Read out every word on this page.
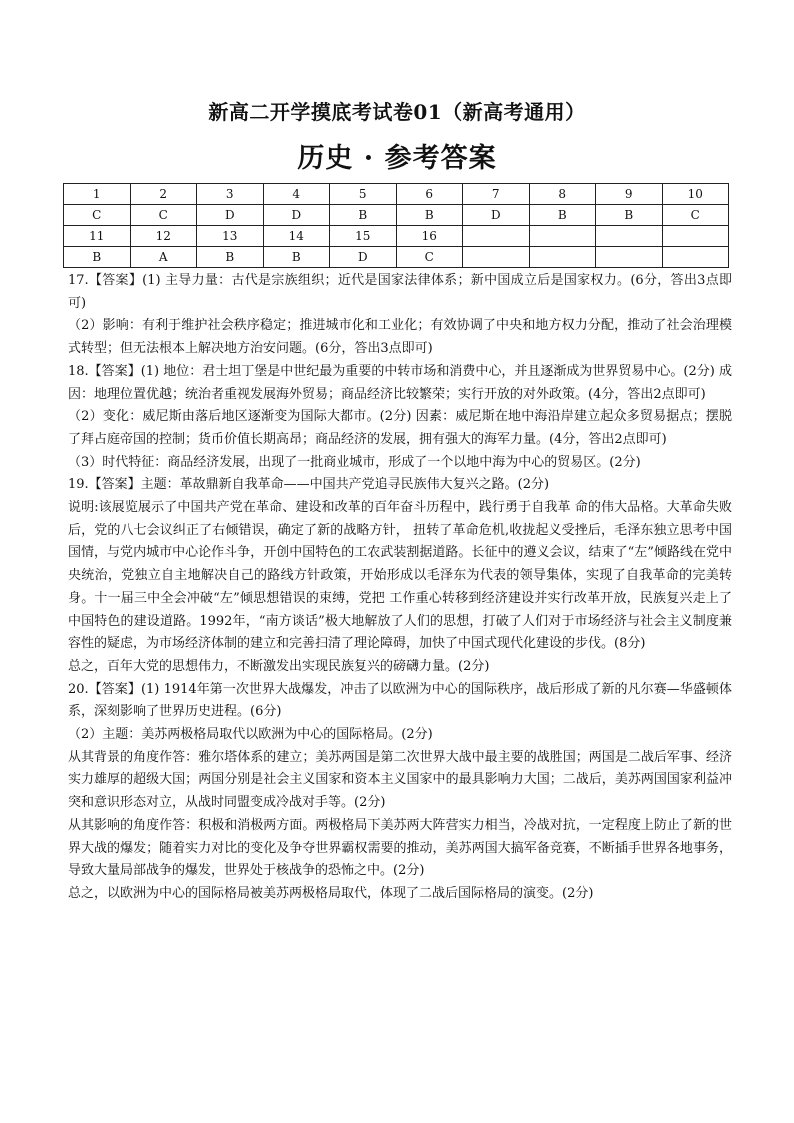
新高二开学摸底考试卷01（新高考通用）
历史 · 参考答案
1	2	3	4	5	6	7	8	9	10
C	C	D	D	B	B	D	B	B	C
11	12	13	14	15	16				
B	A	B	B	D	C				

17.【答案】(1) 主导力量：古代是宗族组织；近代是国家法律体系；新中国成立后是国家权力。(6分，答出3点即可)

（2）影响：有利于维护社会秩序稳定；推进城市化和工业化；有效协调了中央和地方权力分配，推动了社会治理模式转型；但无法根本上解决地方治安问题。(6分，答出3点即可)

18.【答案】(1) 地位：君士坦丁堡是中世纪最为重要的中转市场和消费中心，并且逐渐成为世界贸易中心。(2分) 成因：地理位置优越；统治者重视发展海外贸易；商品经济比较繁荣；实行开放的对外政策。(4分，答出2点即可)

（2）变化：威尼斯由落后地区逐渐变为国际大都市。(2分) 因素：威尼斯在地中海沿岸建立起众多贸易据点；摆脱了拜占庭帝国的控制；货币价值长期高昂；商品经济的发展，拥有强大的海军力量。(4分，答出2点即可)

（3）时代特征：商品经济发展，出现了一批商业城市，形成了一个以地中海为中心的贸易区。(2分)

19.【答案】主题：革故鼎新自我革命——中国共产党追寻民族伟大复兴之路。(2分)

说明:该展览展示了中国共产党在革命、建设和改革的百年奋斗历程中，践行勇于自我革 命的伟大品格。大革命失败后，党的八七会议纠正了右倾错误，确定了新的战略方针， 扭转了革命危机,收拢起义受挫后，毛泽东独立思考中国国情，与党内城市中心论作斗争，开创中国特色的工农武装割据道路。长征中的遵义会议，结束了“左”倾路线在党中央统治，党独立自主地解决自己的路线方针政策，开始形成以毛泽东为代表的领导集体，实现了自我革命的完美转身。十一届三中全会冲破“左”倾思想错误的束缚，党把 工作重心转移到经济建设并实行改革开放，民族复兴走上了中国特色的建设道路。1992年，“南方谈话”极大地解放了人们的思想，打破了人们对于市场经济与社会主义制度兼容性的疑虑，为市场经济体制的建立和完善扫清了理论障碍，加快了中国式现代化建设的步伐。(8分)

总之，百年大党的思想伟力，不断激发出实现民族复兴的磅礴力量。(2分)

20.【答案】(1) 1914年第一次世界大战爆发，冲击了以欧洲为中心的国际秩序，战后形成了新的凡尔赛—华盛顿体系，深刻影响了世界历史进程。(6分)

（2）主题：美苏两极格局取代以欧洲为中心的国际格局。(2分)

从其背景的角度作答：雅尔塔体系的建立；美苏两国是第二次世界大战中最主要的战胜国；两国是二战后军事、经济实力雄厚的超级大国；两国分别是社会主义国家和资本主义国家中的最具影响力大国；二战后，美苏两国国家利益冲突和意识形态对立，从战时同盟变成冷战对手等。(2分)

从其影响的角度作答：积极和消极两方面。两极格局下美苏两大阵营实力相当，冷战对抗，一定程度上防止了新的世界大战的爆发；随着实力对比的变化及争夺世界霸权需要的推动，美苏两国大搞军备竞赛，不断插手世界各地事务，导致大量局部战争的爆发，世界处于核战争的恐怖之中。(2分)

总之，以欧洲为中心的国际格局被美苏两极格局取代，体现了二战后国际格局的演变。(2分)
